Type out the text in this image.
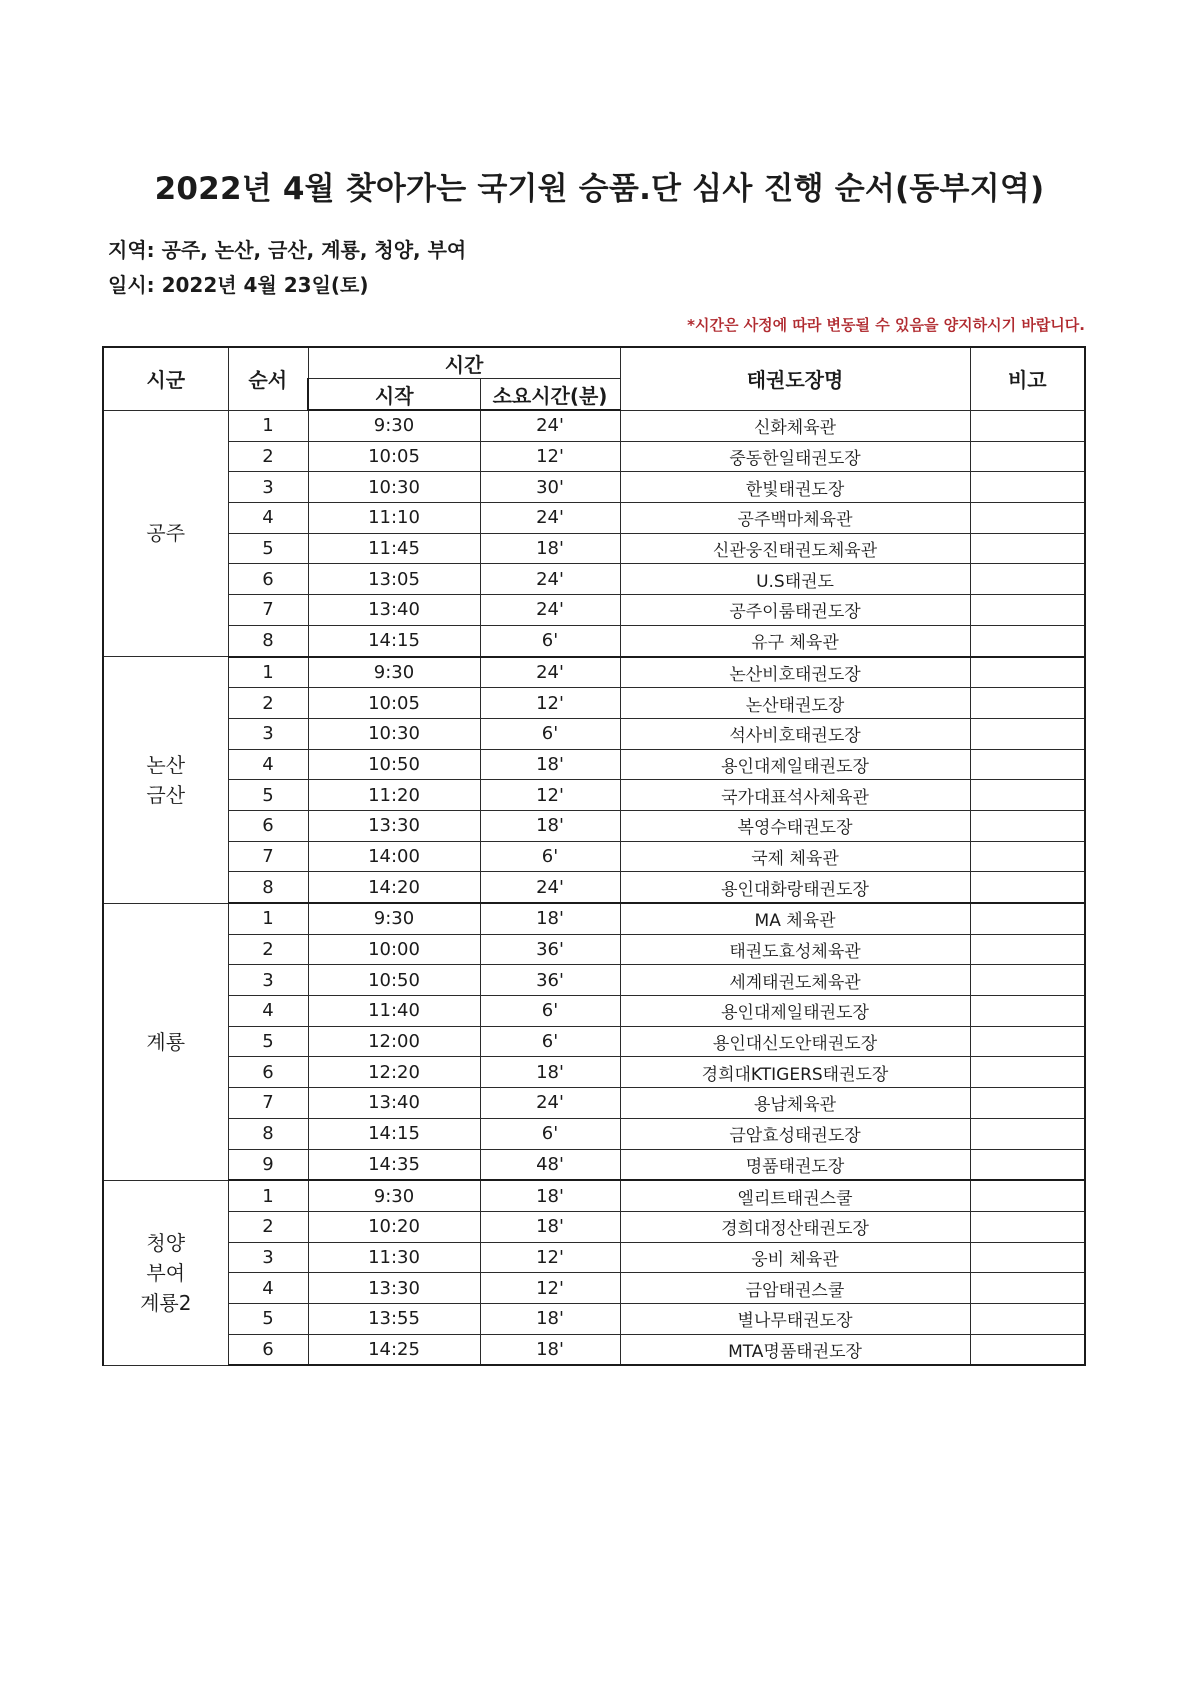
2022년 4월 찾아가는 국기원 승품.단 심사 진행 순서(동부지역)
지역: 공주, 논산, 금산, 계룡, 청양, 부여
일시: 2022년 4월 23일(토)
*시간은 사정에 따라 변동될 수 있음을 양지하시기 바랍니다.
시군	순서	시간		태권도장명	비고
		시작	소요시간(분)		

공주	1	9:30	24'	신화체육관	
	2	10:05	12'	중동한일태권도장	
	3	10:30	30'	한빛태권도장	
	4	11:10	24'	공주백마체육관	
	5	11:45	18'	신관웅진태권도체육관	
	6	13:05	24'	U.S태권도	
	7	13:40	24'	공주이룸태권도장	
	8	14:15	6'	유구 체육관	

논산
금산	1	9:30	24'	논산비호태권도장	
	2	10:05	12'	논산태권도장	
	3	10:30	6'	석사비호태권도장	
	4	10:50	18'	용인대제일태권도장	
	5	11:20	12'	국가대표석사체육관	
	6	13:30	18'	복영수태권도장	
	7	14:00	6'	국제 체육관	
	8	14:20	24'	용인대화랑태권도장	

계룡	1	9:30	18'	MA 체육관	
	2	10:00	36'	태권도효성체육관	
	3	10:50	36'	세계태권도체육관	
	4	11:40	6'	용인대제일태권도장	
	5	12:00	6'	용인대신도안태권도장	
	6	12:20	18'	경희대KTIGERS태권도장	
	7	13:40	24'	용남체육관	
	8	14:15	6'	금암효성태권도장	
	9	14:35	48'	명품태권도장	

청양
부여
계룡2	1	9:30	18'	엘리트태권스쿨	
	2	10:20	18'	경희대정산태권도장	
	3	11:30	12'	웅비 체육관	
	4	13:30	12'	금암태권스쿨	
	5	13:55	18'	별나무태권도장	
	6	14:25	18'	MTA명품태권도장	
